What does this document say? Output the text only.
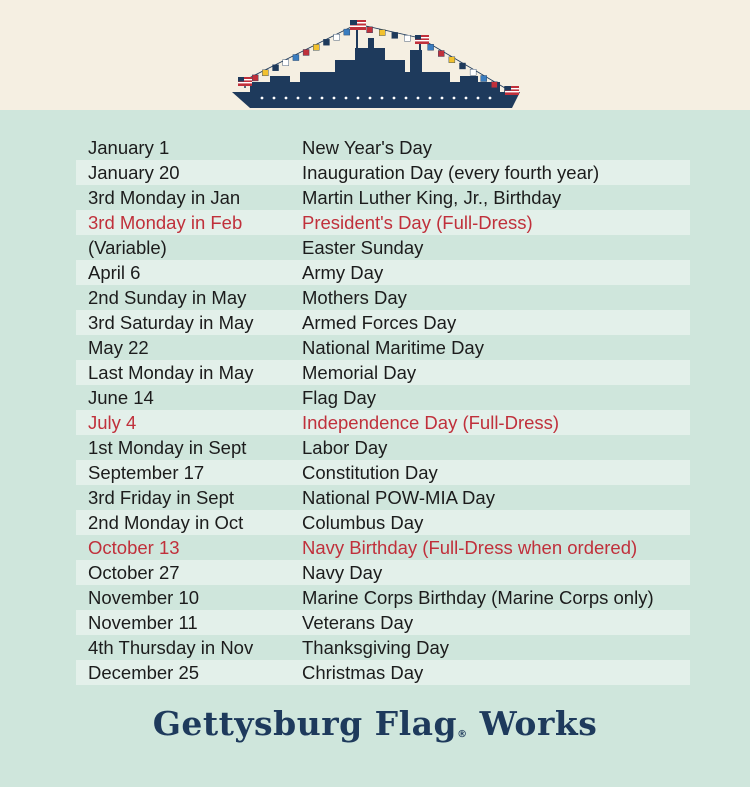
January 1	New Year's Day
January 20	Inauguration Day (every fourth year)
3rd Monday in Jan	Martin Luther King, Jr., Birthday
3rd Monday in Feb	President's Day (Full-Dress)
(Variable)	Easter Sunday
April 6	Army Day
2nd Sunday in May	Mothers Day
3rd Saturday in May	Armed Forces Day
May 22	National Maritime Day
Last Monday in May	Memorial Day
June 14	Flag Day
July 4	Independence Day (Full-Dress)
1st Monday in Sept	Labor Day
September 17	Constitution Day
3rd Friday in Sept	National POW-MIA Day
2nd Monday in Oct	Columbus Day
October 13	Navy Birthday (Full-Dress when ordered)
October 27	Navy Day
November 10	Marine Corps Birthday (Marine Corps only)
November 11	Veterans Day
4th Thursday in Nov	Thanksgiving Day
December 25	Christmas Day
Gettysburg Flag® Works
